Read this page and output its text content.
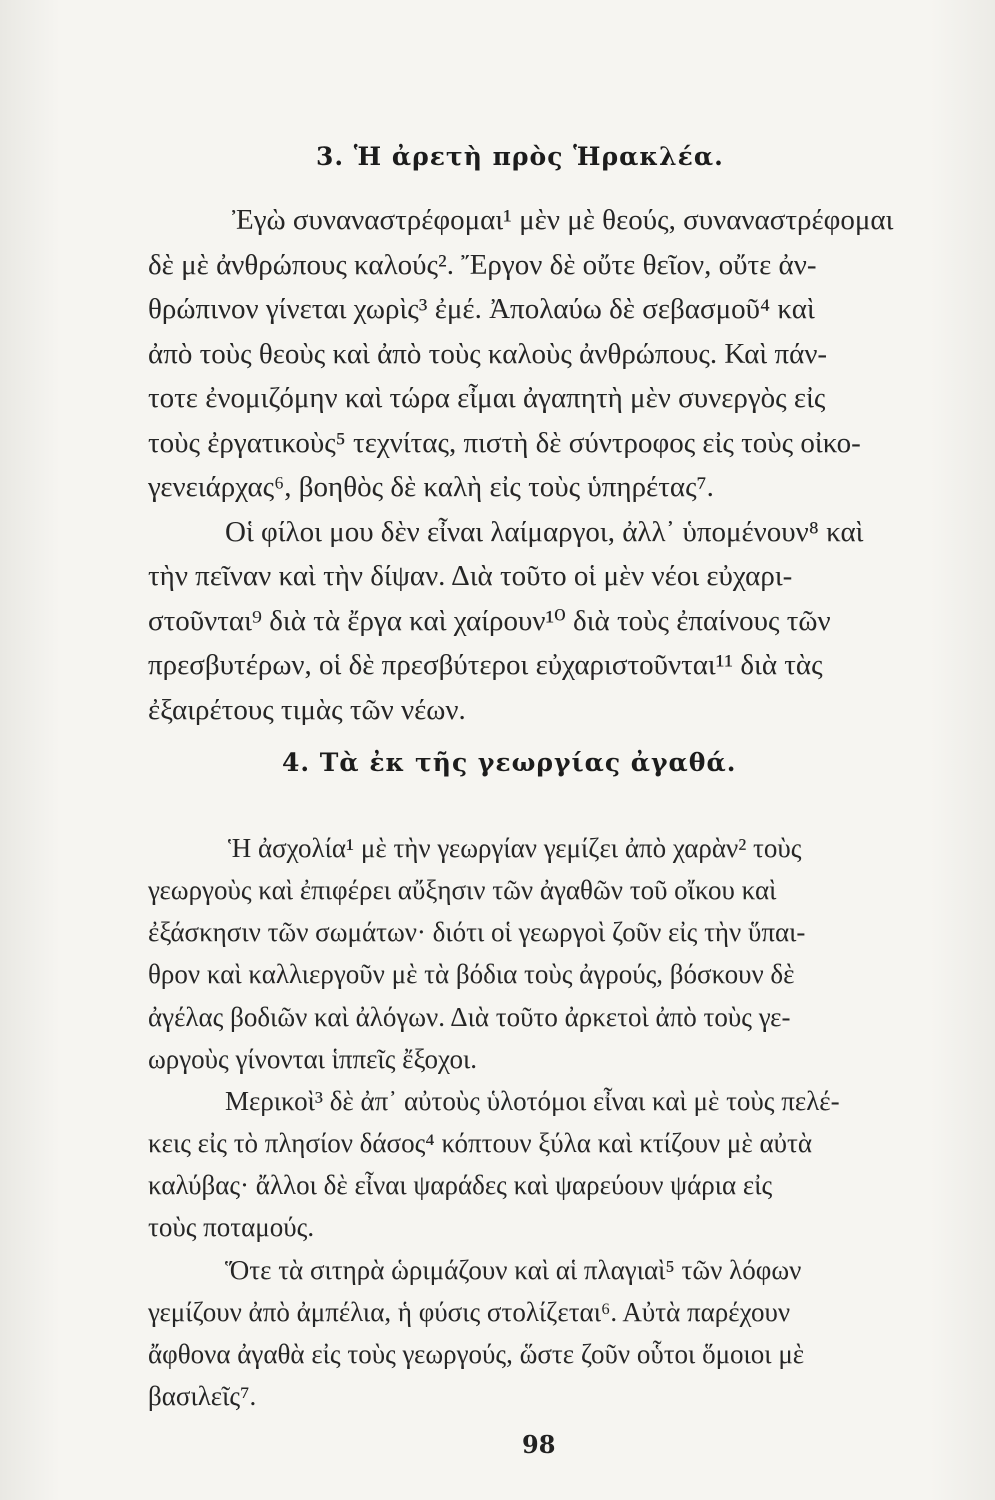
3. Ἡ ἀρετὴ πρὸς Ἡρακλέα.
Ἐγὼ συναναστρέφομαι¹ μὲν μὲ θεούς, συναναστρέφομαι
δὲ μὲ ἀνθρώπους καλούς². Ἔργον δὲ οὔτε θεῖον, οὔτε ἀν-
θρώπινον γίνεται χωρὶς³ ἐμέ. Ἀπολαύω δὲ σεβασμοῦ⁴ καὶ
ἀπὸ τοὺς θεοὺς καὶ ἀπὸ τοὺς καλοὺς ἀνθρώπους. Καὶ πάν-
τοτε ἐνομιζόμην καὶ τώρα εἶμαι ἀγαπητὴ μὲν συνεργὸς εἰς
τοὺς ἐργατικοὺς⁵ τεχνίτας, πιστὴ δὲ σύντροφος εἰς τοὺς οἰκο-
γενειάρχας⁶, βοηθὸς δὲ καλὴ εἰς τοὺς ὑπηρέτας⁷.
Οἱ φίλοι μου δὲν εἶναι λαίμαργοι, ἀλλ᾽ ὑπομένουν⁸ καὶ
τὴν πεῖναν καὶ τὴν δίψαν. Διὰ τοῦτο οἱ μὲν νέοι εὐχαρι-
στοῦνται⁹ διὰ τὰ ἔργα καὶ χαίρουν¹⁰ διὰ τοὺς ἐπαίνους τῶν
πρεσβυτέρων, οἱ δὲ πρεσβύτεροι εὐχαριστοῦνται¹¹ διὰ τὰς
ἐξαιρέτους τιμὰς τῶν νέων.
4. Τὰ ἐκ τῆς γεωργίας ἀγαθά.
Ἡ ἀσχολία¹ μὲ τὴν γεωργίαν γεμίζει ἀπὸ χαρὰν² τοὺς
γεωργοὺς καὶ ἐπιφέρει αὔξησιν τῶν ἀγαθῶν τοῦ οἴκου καὶ
ἐξάσκησιν τῶν σωμάτων· διότι οἱ γεωργοὶ ζοῦν εἰς τὴν ὕπαι-
θρον καὶ καλλιεργοῦν μὲ τὰ βόδια τοὺς ἀγρούς, βόσκουν δὲ
ἀγέλας βοδιῶν καὶ ἀλόγων. Διὰ τοῦτο ἀρκετοὶ ἀπὸ τοὺς γε-
ωργοὺς γίνονται ἱππεῖς ἔξοχοι.
Μερικοὶ³ δὲ ἀπ᾽ αὐτοὺς ὑλοτόμοι εἶναι καὶ μὲ τοὺς πελέ-
κεις εἰς τὸ πλησίον δάσος⁴ κόπτουν ξύλα καὶ κτίζουν μὲ αὐτὰ
καλύβας· ἄλλοι δὲ εἶναι ψαράδες καὶ ψαρεύουν ψάρια εἰς
τοὺς ποταμούς.
Ὅτε τὰ σιτηρὰ ὡριμάζουν καὶ αἱ πλαγιαὶ⁵ τῶν λόφων
γεμίζουν ἀπὸ ἀμπέλια, ἡ φύσις στολίζεται⁶. Αὐτὰ παρέχουν
ἄφθονα ἀγαθὰ εἰς τοὺς γεωργούς, ὥστε ζοῦν οὗτοι ὅμοιοι μὲ
βασιλεῖς⁷.
98
